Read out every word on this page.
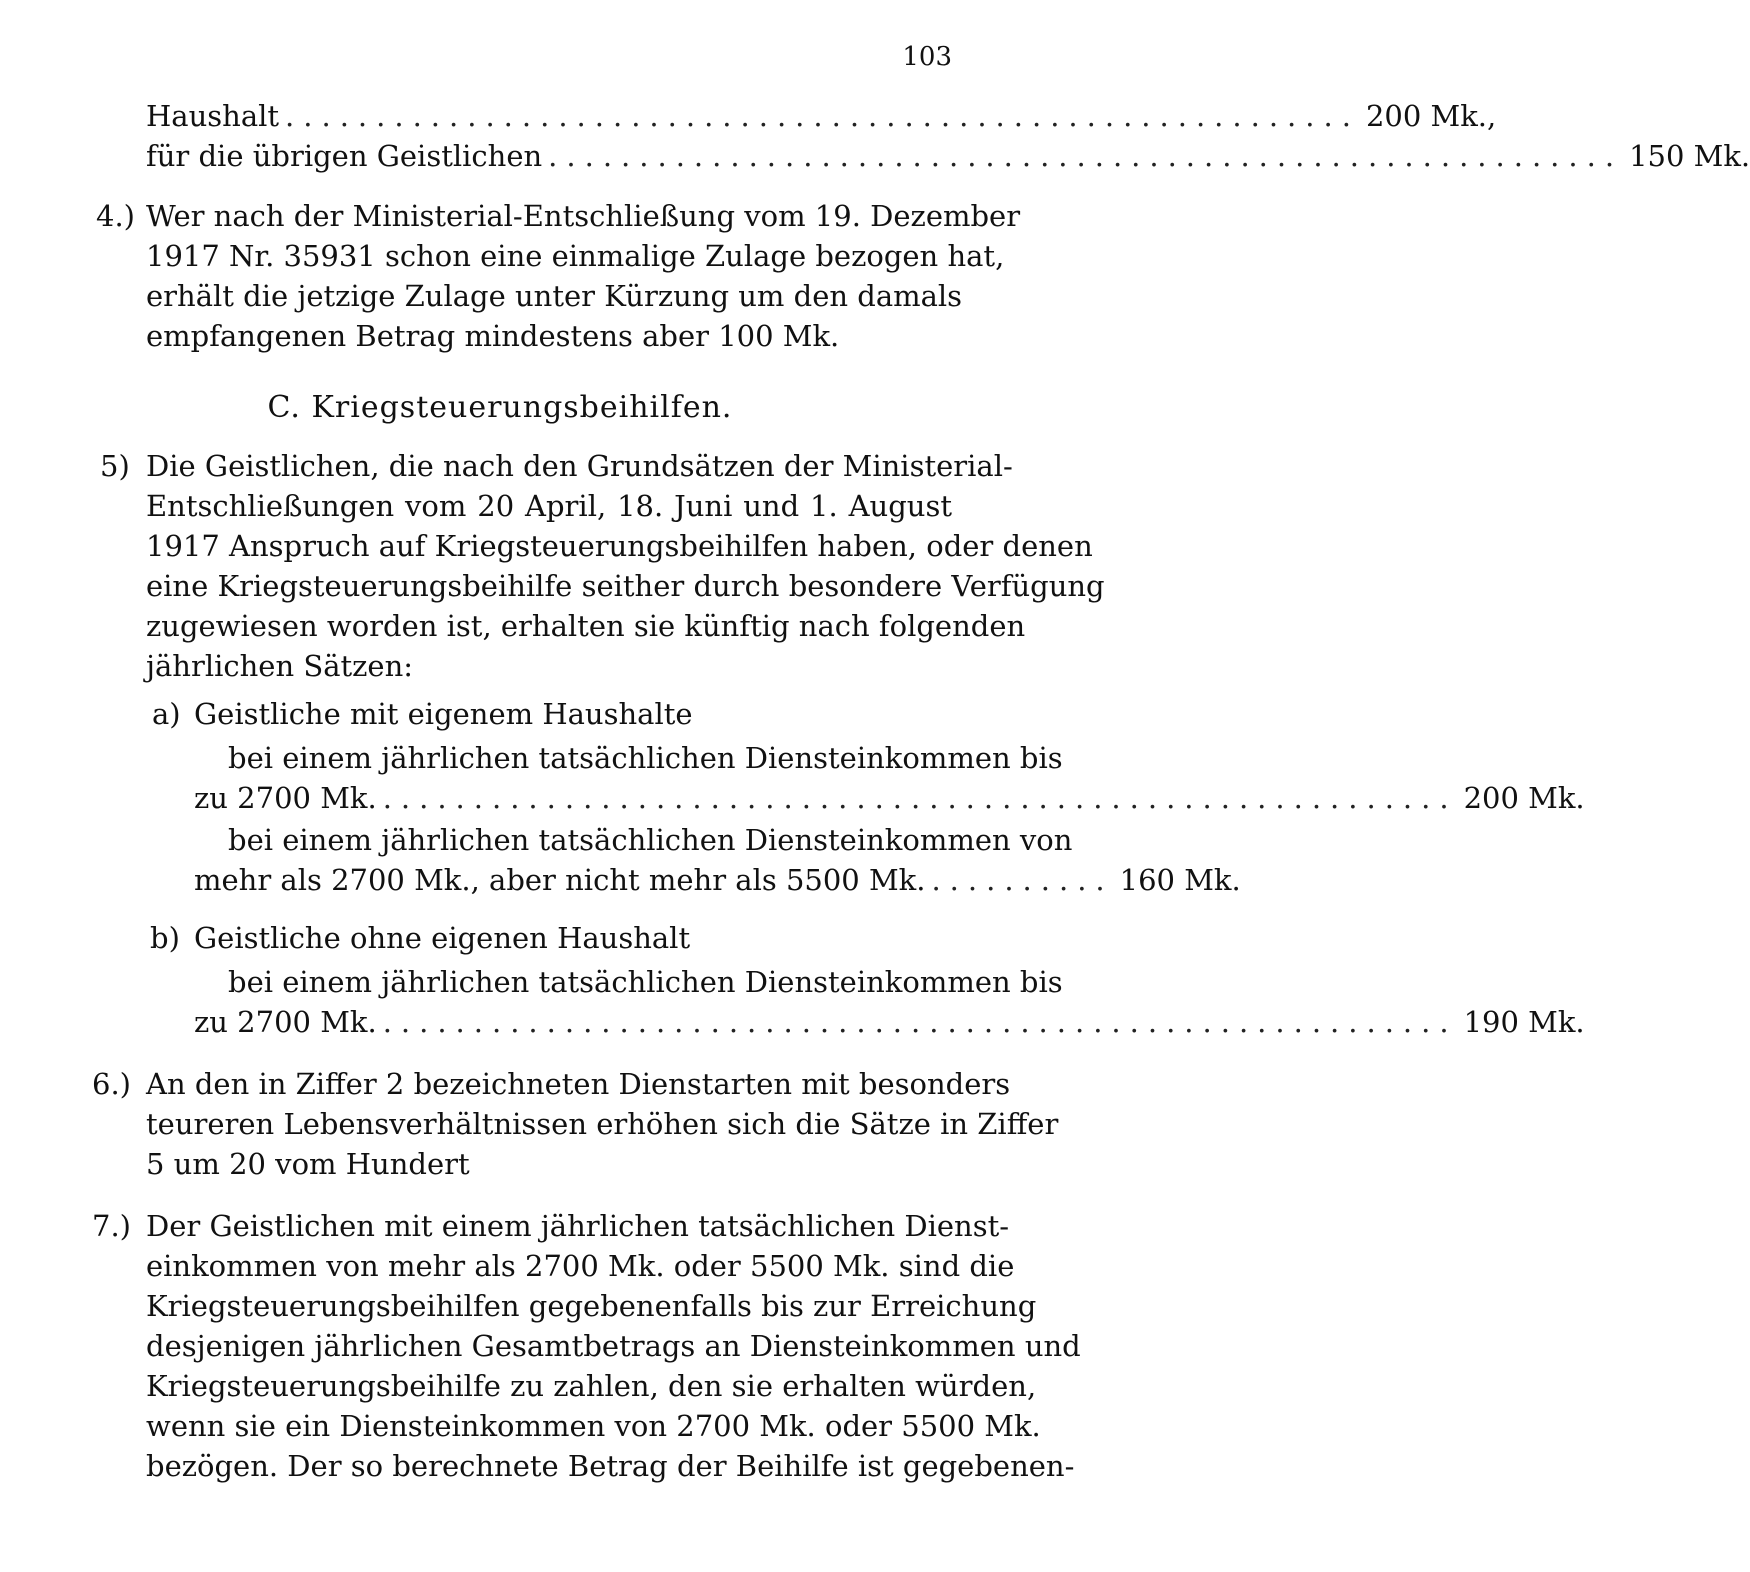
103
Haushalt ........................................................... 200 Mk.,
für die übrigen Geistlichen ........................................................... 150 Mk.
4.) Wer nach der Ministerial-Entschließung vom 19. Dezember
1917 Nr. 35931 schon eine einmalige Zulage bezogen hat,
erhält die jetzige Zulage unter Kürzung um den damals
empfangenen Betrag mindestens aber 100 Mk.
C. Kriegsteuerungsbeihilfen.
5) Die Geistlichen, die nach den Grundsätzen der Ministerial-
Entschließungen vom 20 April, 18. Juni und 1. August
1917 Anspruch auf Kriegsteuerungsbeihilfen haben, oder denen
eine Kriegsteuerungsbeihilfe seither durch besondere Verfügung
zugewiesen worden ist, erhalten sie künftig nach folgenden
jährlichen Sätzen:
a) Geistliche mit eigenem Haushalte
bei einem jährlichen tatsächlichen Diensteinkommen bis
zu 2700 Mk. ........................................................... 200 Mk.
bei einem jährlichen tatsächlichen Diensteinkommen von
mehr als 2700 Mk., aber nicht mehr als 5500 Mk. .......... 160 Mk.
b) Geistliche ohne eigenen Haushalt
bei einem jährlichen tatsächlichen Diensteinkommen bis
zu 2700 Mk. ........................................................... 190 Mk.
6.) An den in Ziffer 2 bezeichneten Dienstarten mit besonders
teureren Lebensverhältnissen erhöhen sich die Sätze in Ziffer
5 um 20 vom Hundert
7.) Der Geistlichen mit einem jährlichen tatsächlichen Dienst-
einkommen von mehr als 2700 Mk. oder 5500 Mk. sind die
Kriegsteuerungsbeihilfen gegebenenfalls bis zur Erreichung
desjenigen jährlichen Gesamtbetrags an Diensteinkommen und
Kriegsteuerungsbeihilfe zu zahlen, den sie erhalten würden,
wenn sie ein Diensteinkommen von 2700 Mk. oder 5500 Mk.
bezögen. Der so berechnete Betrag der Beihilfe ist gegebenen-
